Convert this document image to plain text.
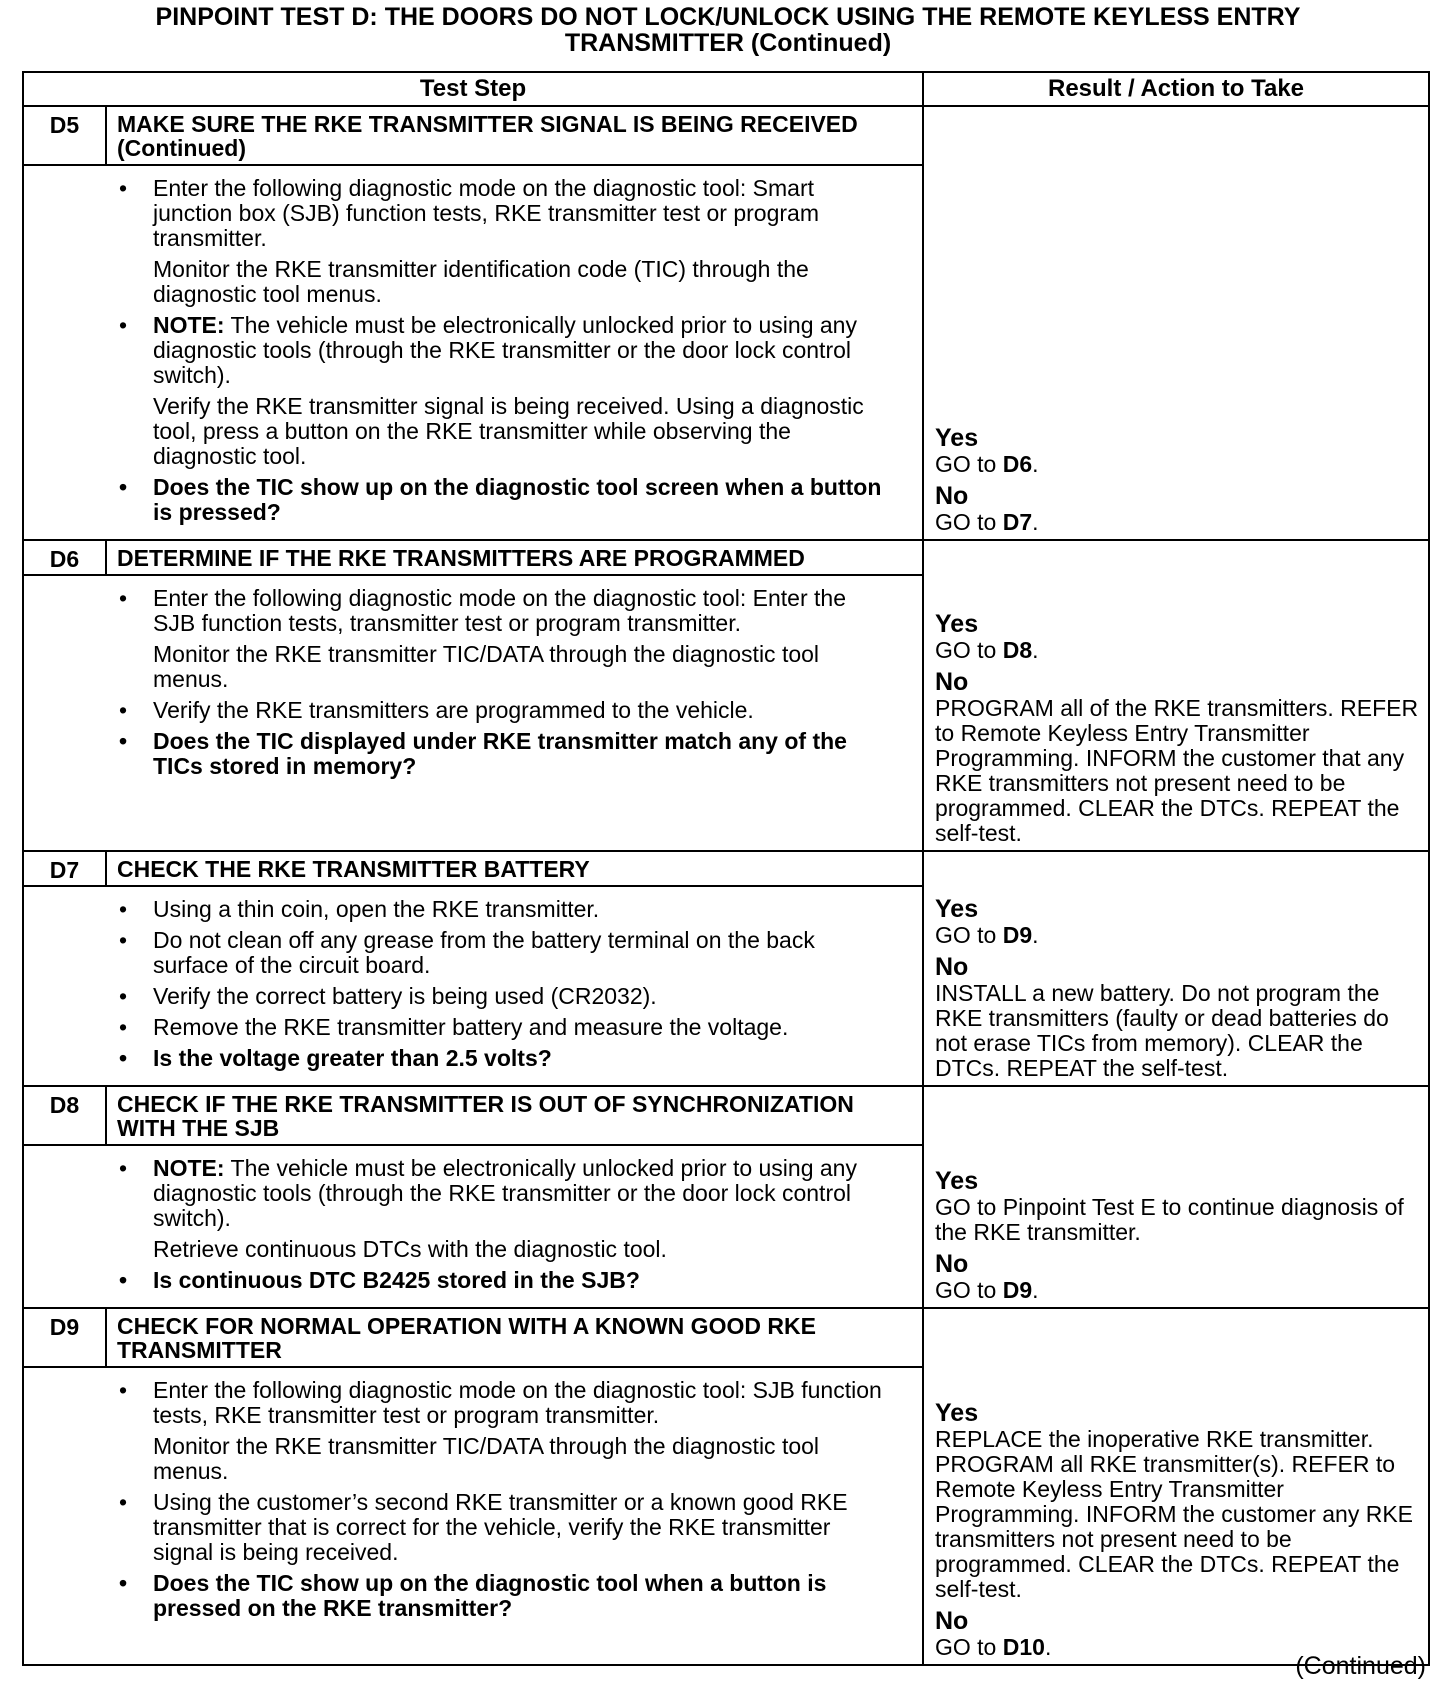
PINPOINT TEST D: THE DOORS DO NOT LOCK/UNLOCK USING THE REMOTE KEYLESS ENTRY
TRANSMITTER (Continued)
Test Step		Result / Action to Take
D5	MAKE SURE THE RKE TRANSMITTER SIGNAL IS BEING RECEIVED (Continued)	Yes
GO to D6.
No
GO to D7.

	• Enter the following diagnostic mode on the diagnostic tool: Smart junction box (SJB) function tests, RKE transmitter test or program transmitter.
Monitor the RKE transmitter identification code (TIC) through the diagnostic tool menus.
• NOTE: The vehicle must be electronically unlocked prior to using any diagnostic tools (through the RKE transmitter or the door lock control switch).
Verify the RKE transmitter signal is being received. Using a diagnostic tool, press a button on the RKE transmitter while observing the diagnostic tool.
• Does the TIC show up on the diagnostic tool screen when a button is pressed?

D6	DETERMINE IF THE RKE TRANSMITTERS ARE PROGRAMMED	Yes
GO to D8.
No
PROGRAM all of the RKE transmitters. REFER to Remote Keyless Entry Transmitter Programming. INFORM the customer that any RKE transmitters not present need to be programmed. CLEAR the DTCs. REPEAT the self-test.

	• Enter the following diagnostic mode on the diagnostic tool: Enter the SJB function tests, transmitter test or program transmitter.
Monitor the RKE transmitter TIC/DATA through the diagnostic tool menus.
• Verify the RKE transmitters are programmed to the vehicle.
• Does the TIC displayed under RKE transmitter match any of the TICs stored in memory?

D7	CHECK THE RKE TRANSMITTER BATTERY	Yes
GO to D9.
No
INSTALL a new battery. Do not program the RKE transmitters (faulty or dead batteries do not erase TICs from memory). CLEAR the DTCs. REPEAT the self-test.

	• Using a thin coin, open the RKE transmitter.
• Do not clean off any grease from the battery terminal on the back surface of the circuit board.
• Verify the correct battery is being used (CR2032).
• Remove the RKE transmitter battery and measure the voltage.
• Is the voltage greater than 2.5 volts?

D8	CHECK IF THE RKE TRANSMITTER IS OUT OF SYNCHRONIZATION WITH THE SJB	Yes
GO to Pinpoint Test E to continue diagnosis of the RKE transmitter.
No
GO to D9.

	• NOTE: The vehicle must be electronically unlocked prior to using any diagnostic tools (through the RKE transmitter or the door lock control switch).
Retrieve continuous DTCs with the diagnostic tool.
• Is continuous DTC B2425 stored in the SJB?

D9	CHECK FOR NORMAL OPERATION WITH A KNOWN GOOD RKE TRANSMITTER	Yes
REPLACE the inoperative RKE transmitter. PROGRAM all RKE transmitter(s). REFER to Remote Keyless Entry Transmitter Programming. INFORM the customer any RKE transmitters not present need to be programmed. CLEAR the DTCs. REPEAT the self-test.
No
GO to D10.

	• Enter the following diagnostic mode on the diagnostic tool: SJB function tests, RKE transmitter test or program transmitter.
Monitor the RKE transmitter TIC/DATA through the diagnostic tool menus.
• Using the customer’s second RKE transmitter or a known good RKE transmitter that is correct for the vehicle, verify the RKE transmitter signal is being received.
• Does the TIC show up on the diagnostic tool when a button is pressed on the RKE transmitter?
(Continued)
